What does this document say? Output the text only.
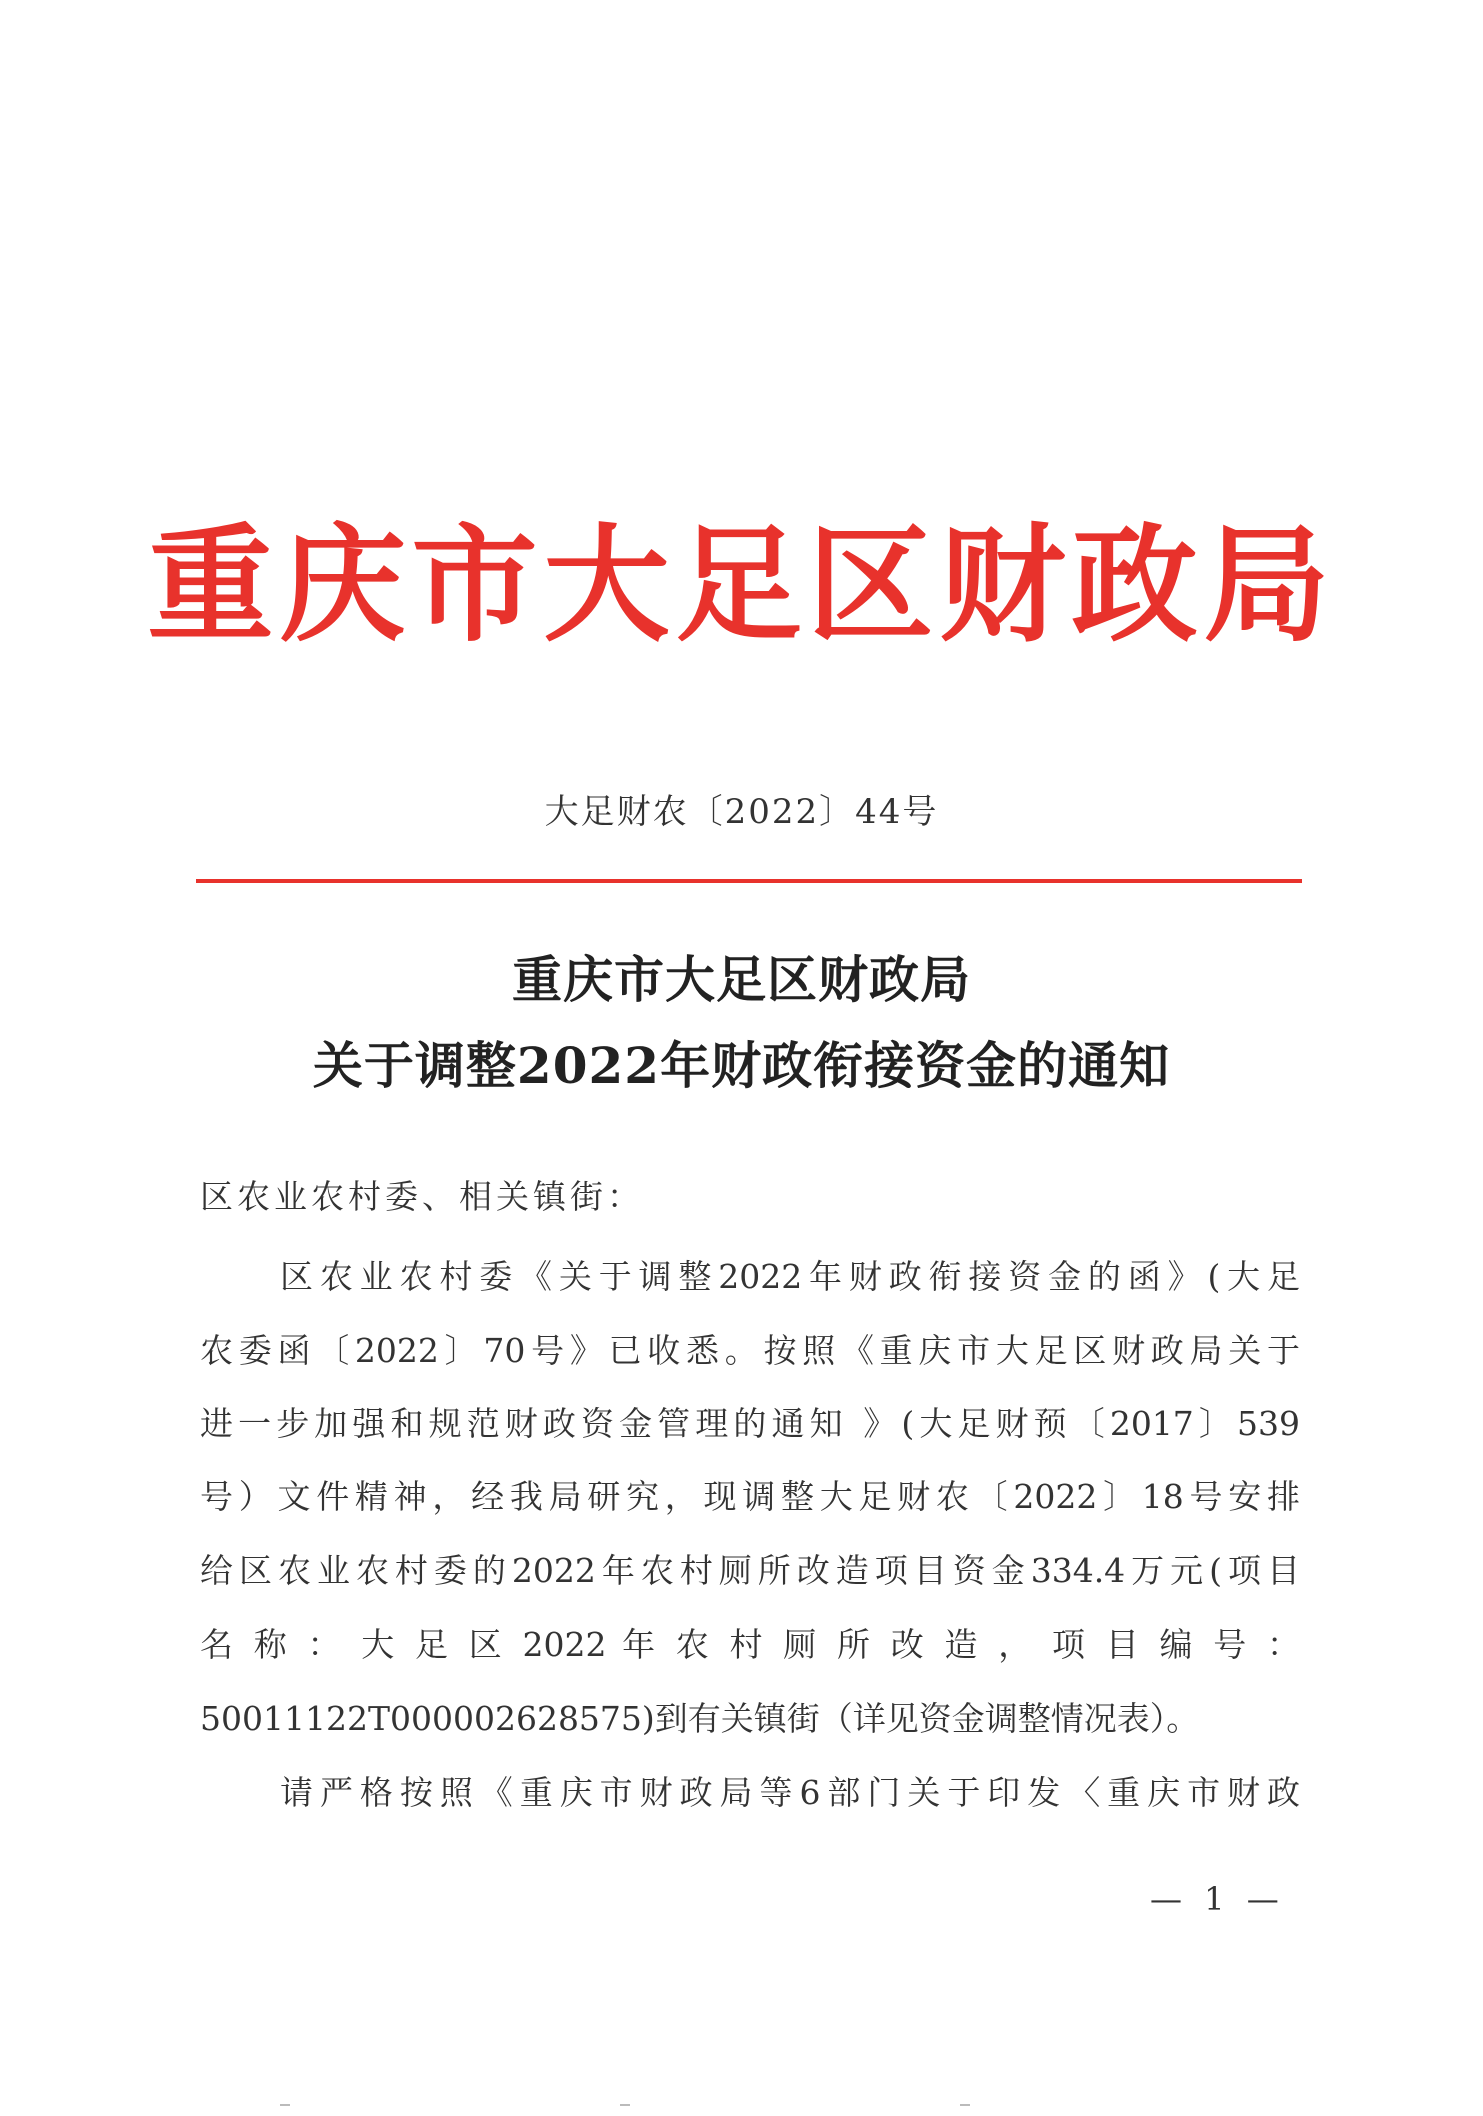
重庆市大足区财政局
大足财农〔2022〕44号
重庆市大足区财政局
关于调整2022年财政衔接资金的通知
区农业农村委、相关镇街：
区农业农村委《关于调整2022年财政衔接资金的函》(大足
农委函〔2022〕70号》已收悉。按照《重庆市大足区财政局关于
进一步加强和规范财政资金管理的通知 》(大足财预〔2017〕539
号）文件精神，经我局研究，现调整大足财农〔2022〕18号安排
给区农业农村委的2022年农村厕所改造项目资金334.4万元(项目
名 称 ： 大 足 区 2022 年 农 村 厕 所 改 造 ， 项 目 编 号 ：
50011122T000002628575)到有关镇街（详见资金调整情况表）。
请严格按照《重庆市财政局等6部门关于印发〈重庆市财政
— 1 —
